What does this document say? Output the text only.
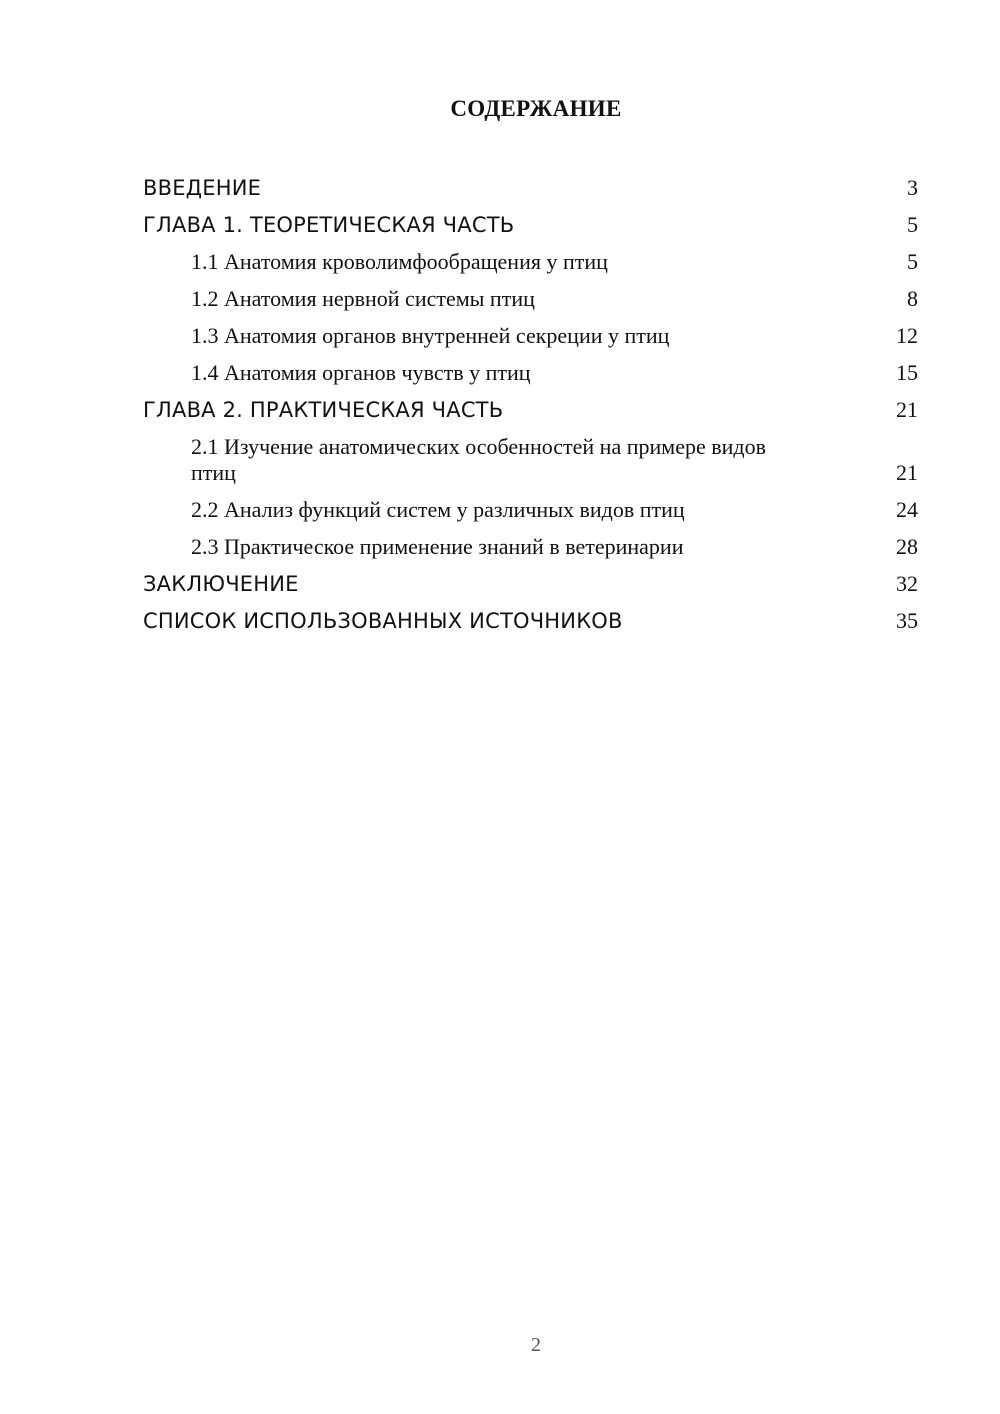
СОДЕРЖАНИЕ
ВВЕДЕНИЕ	3
ГЛАВА 1. ТЕОРЕТИЧЕСКАЯ ЧАСТЬ	5
1.1 Анатомия кроволимфообращения у птиц	5
1.2 Анатомия нервной системы птиц	8
1.3 Анатомия органов внутренней секреции у птиц	12
1.4 Анатомия органов чувств у птиц	15
ГЛАВА 2. ПРАКТИЧЕСКАЯ ЧАСТЬ	21
2.1 Изучение анатомических особенностей на примере видов птиц	21
2.2 Анализ функций систем у различных видов птиц	24
2.3 Практическое применение знаний в ветеринарии	28
ЗАКЛЮЧЕНИЕ	32
СПИСОК ИСПОЛЬЗОВАННЫХ ИСТОЧНИКОВ	35
2
